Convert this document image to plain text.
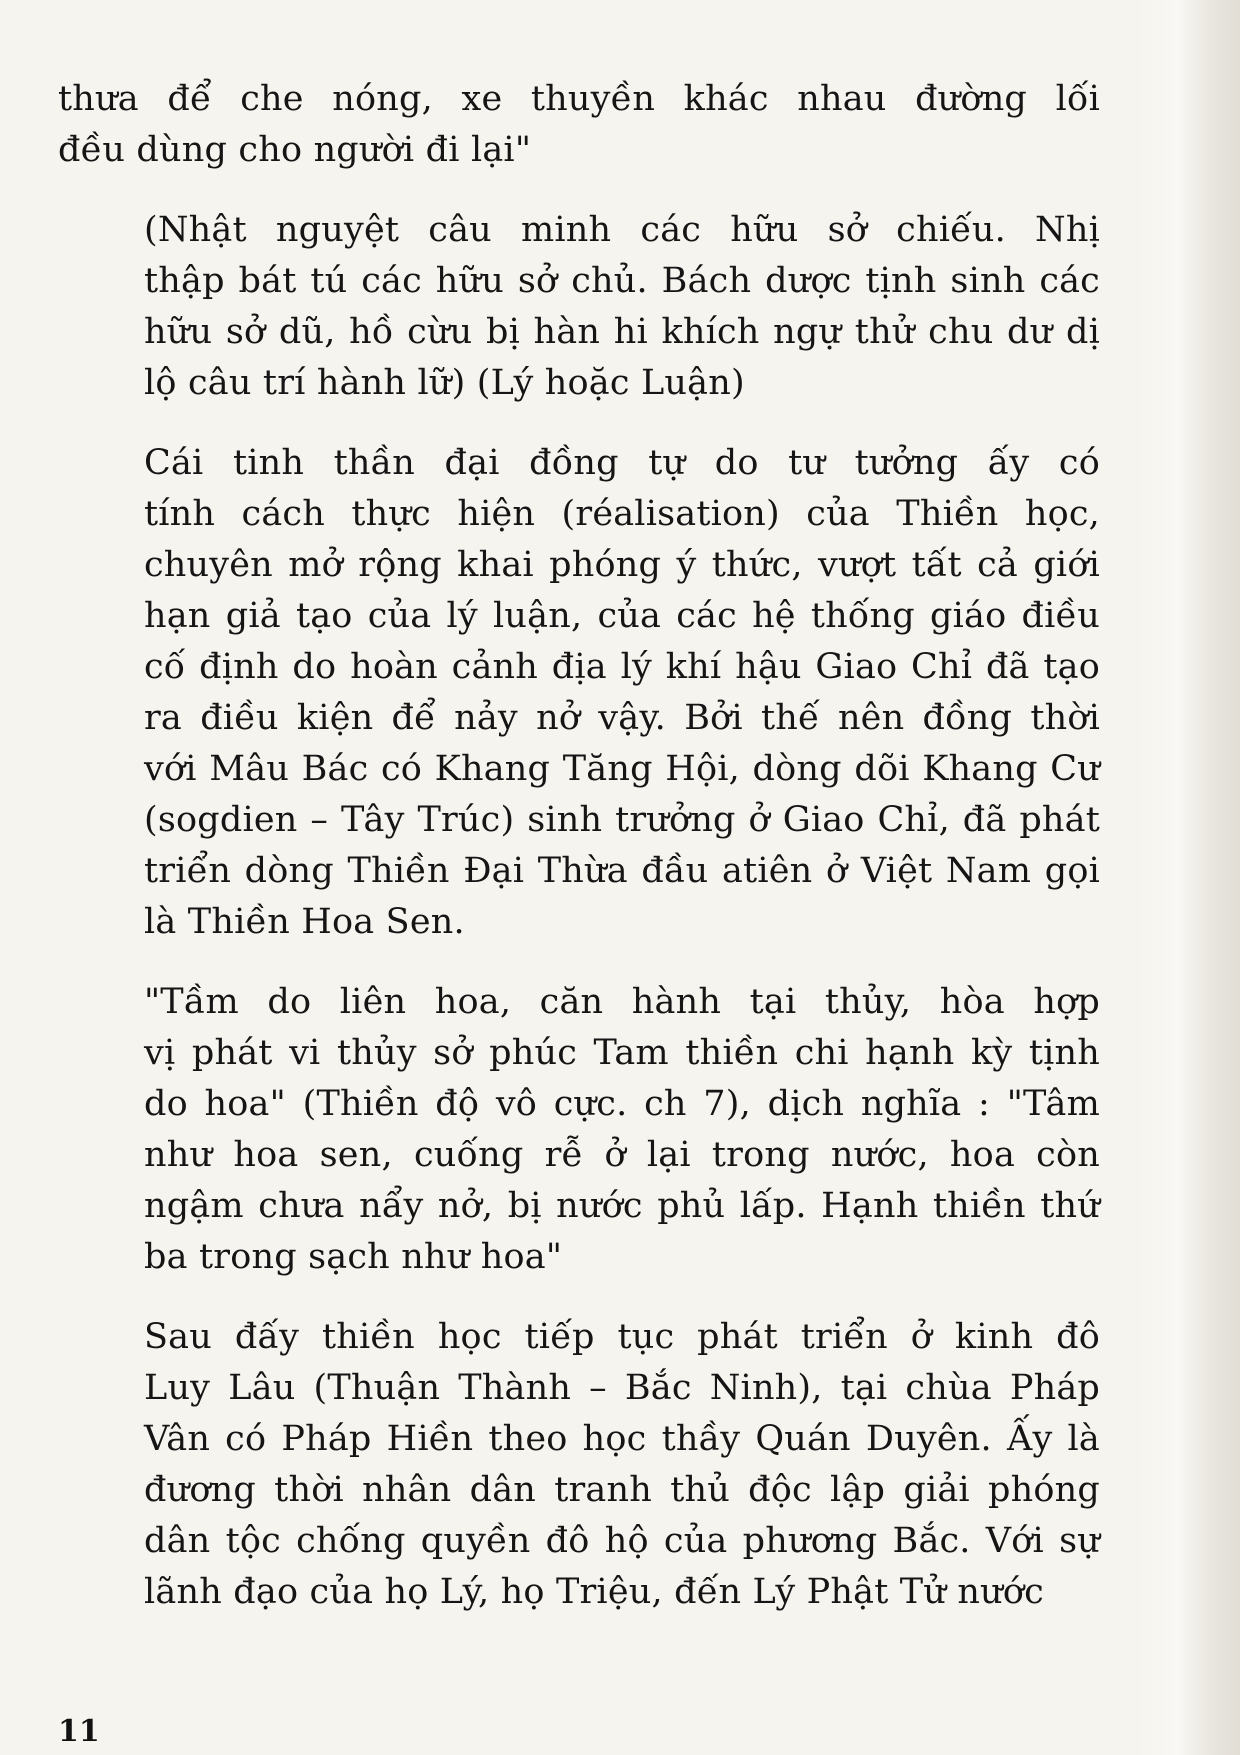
thưa để che nóng, xe thuyền khác nhau đường lối
đều dùng cho người đi lại"
(Nhật nguyệt câu minh các hữu sở chiếu. Nhị
thập bát tú các hữu sở chủ. Bách dược tịnh sinh các
hữu sở dũ, hồ cừu bị hàn hi khích ngự thử chu dư dị
lộ câu trí hành lữ) (Lý hoặc Luận)
Cái tinh thần đại đồng tự do tư tưởng ấy có
tính cách thực hiện (réalisation) của Thiền học,
chuyên mở rộng khai phóng ý thức, vượt tất cả giới
hạn giả tạo của lý luận, của các hệ thống giáo điều
cố định do hoàn cảnh địa lý khí hậu Giao Chỉ đã tạo
ra điều kiện để nảy nở vậy. Bởi thế nên đồng thời
với Mâu Bác có Khang Tăng Hội, dòng dõi Khang Cư
(sogdien – Tây Trúc) sinh trưởng ở Giao Chỉ, đã phát
triển dòng Thiền Đại Thừa đầu atiên ở Việt Nam gọi
là Thiền Hoa Sen.
"Tầm do liên hoa, căn hành tại thủy, hòa hợp
vị phát vi thủy sở phúc Tam thiền chi hạnh kỳ tịnh
do hoa" (Thiền độ vô cực. ch 7), dịch nghĩa : "Tâm
như hoa sen, cuống rễ ở lại trong nước, hoa còn
ngậm chưa nẩy nở, bị nước phủ lấp. Hạnh thiền thứ
ba trong sạch như hoa"
Sau đấy thiền học tiếp tục phát triển ở kinh đô
Luy Lâu (Thuận Thành – Bắc Ninh), tại chùa Pháp
Vân có Pháp Hiền theo học thầy Quán Duyên. Ấy là
đương thời nhân dân tranh thủ độc lập giải phóng
dân tộc chống quyền đô hộ của phương Bắc. Với sự
lãnh đạo của họ Lý, họ Triệu, đến Lý Phật Tử nước
11
